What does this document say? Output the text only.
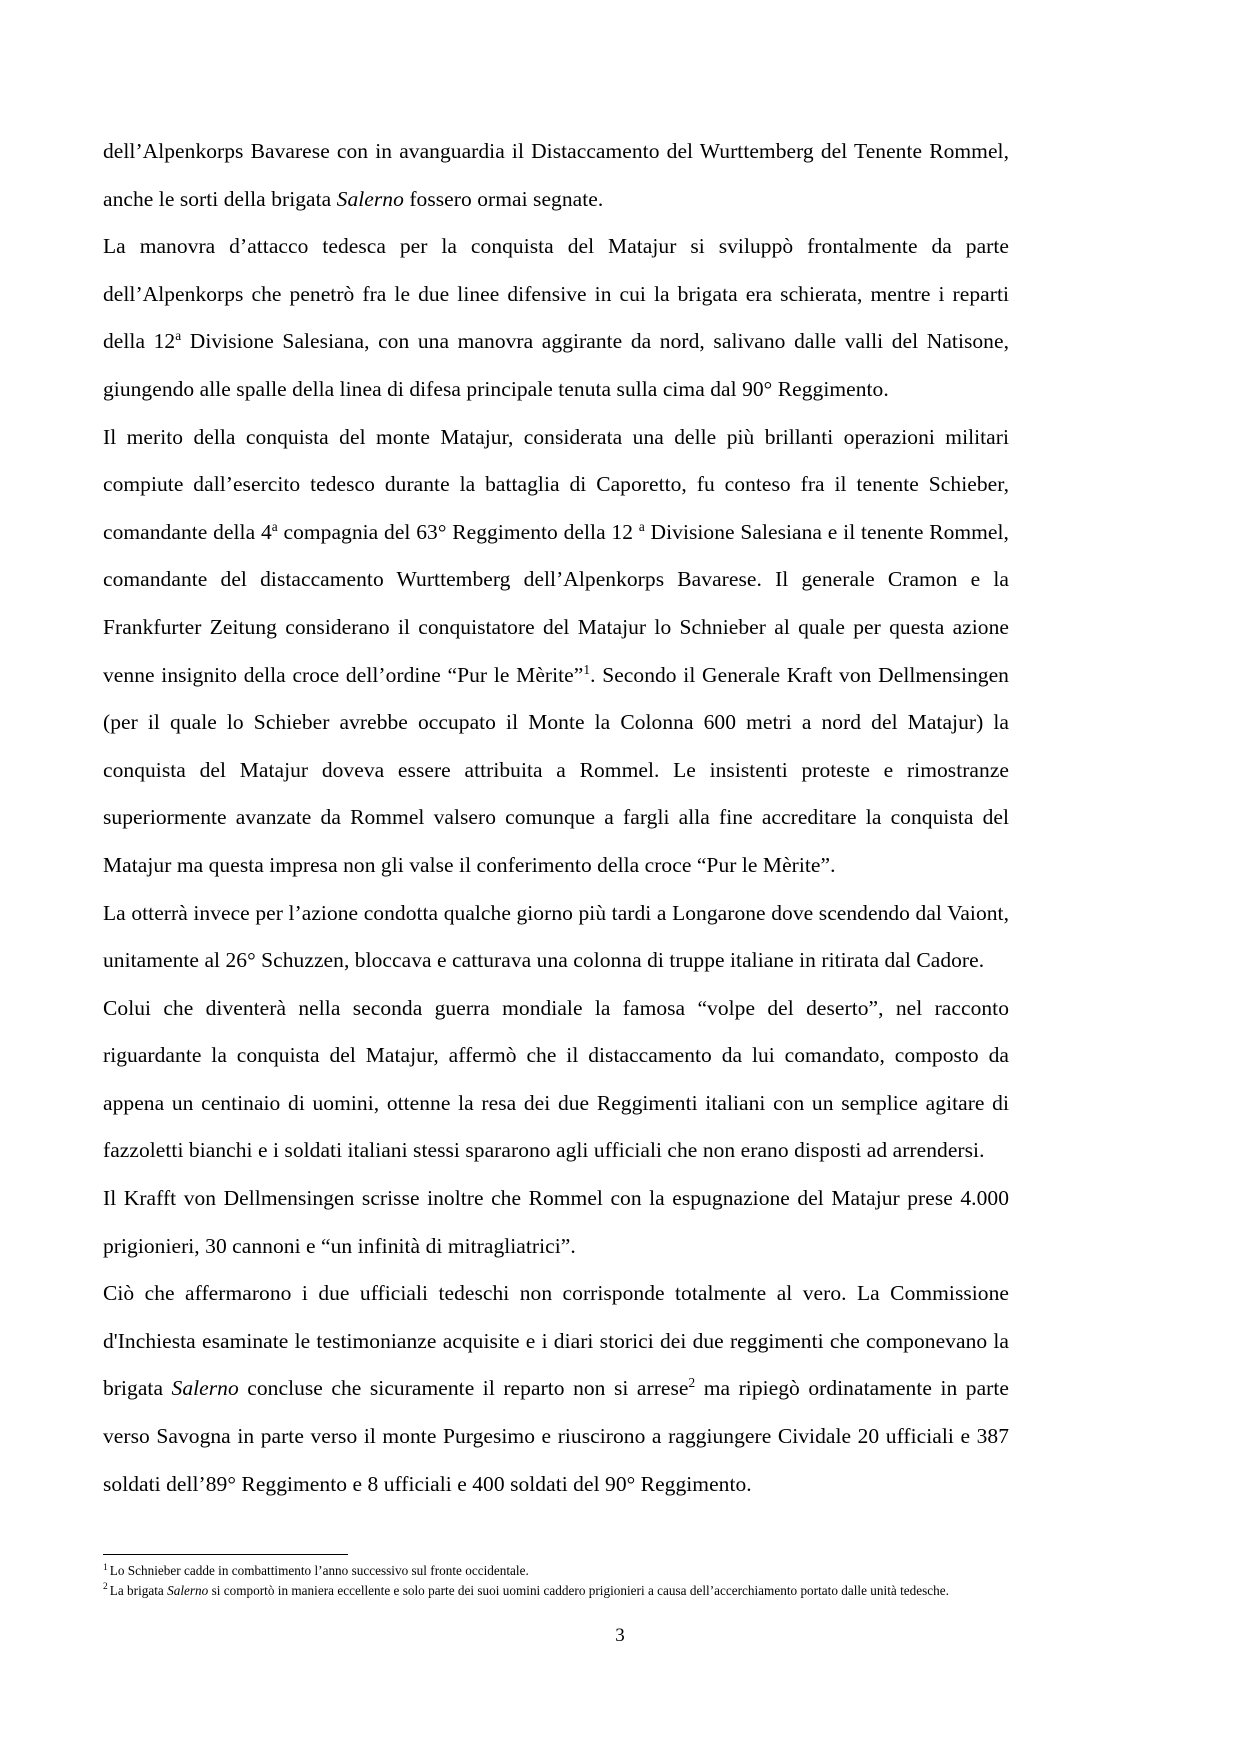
dell’Alpenkorps Bavarese con in avanguardia il Distaccamento del Wurttemberg del Tenente Rommel, anche le sorti della brigata Salerno fossero ormai segnate.

La manovra d’attacco tedesca per la conquista del Matajur si sviluppò frontalmente da parte dell’Alpenkorps che penetrò fra le due linee difensive in cui la brigata era schierata, mentre i reparti della 12$^a$ Divisione Salesiana, con una manovra aggirante da nord, salivano dalle valli del Natisone, giungendo alle spalle della linea di difesa principale tenuta sulla cima dal 90° Reggimento.

Il merito della conquista del monte Matajur, considerata una delle più brillanti operazioni militari compiute dall’esercito tedesco durante la battaglia di Caporetto, fu conteso fra il tenente Schieber, comandante della 4$^a$ compagnia del 63° Reggimento della 12 $^a$ Divisione Salesiana e il tenente Rommel, comandante del distaccamento Wurttemberg dell’Alpenkorps Bavarese. Il generale Cramon e la Frankfurter Zeitung considerano il conquistatore del Matajur lo Schnieber al quale per questa azione venne insignito della croce dell’ordine “Pur le Mèrite”$^1$. Secondo il Generale Kraft von Dellmensingen (per il quale lo Schieber avrebbe occupato il Monte la Colonna 600 metri a nord del Matajur) la conquista del Matajur doveva essere attribuita a Rommel. Le insistenti proteste e rimostranze superiormente avanzate da Rommel valsero comunque a fargli alla fine accreditare la conquista del Matajur ma questa impresa non gli valse il conferimento della croce “Pur le Mèrite”.

La otterrà invece per l’azione condotta qualche giorno più tardi a Longarone dove scendendo dal Vaiont, unitamente al 26° Schuzzen, bloccava e catturava una colonna di truppe italiane in ritirata dal Cadore.

Colui che diventerà nella seconda guerra mondiale la famosa “volpe del deserto”, nel racconto riguardante la conquista del Matajur, affermò che il distaccamento da lui comandato, composto da appena un centinaio di uomini, ottenne la resa dei due Reggimenti italiani con un semplice agitare di fazzoletti bianchi e i soldati italiani stessi spararono agli ufficiali che non erano disposti ad arrendersi.

Il Krafft von Dellmensingen scrisse inoltre che Rommel con la espugnazione del Matajur prese 4.000 prigionieri, 30 cannoni e “un infinità di mitragliatrici”.

Ciò che affermarono i due ufficiali tedeschi non corrisponde totalmente al vero. La Commissione d'Inchiesta esaminate le testimonianze acquisite e i diari storici dei due reggimenti che componevano la brigata Salerno concluse che sicuramente il reparto non si arrese$^2$ ma ripiegò ordinatamente in parte verso Savogna in parte verso il monte Purgesimo e riuscirono a raggiungere Cividale 20 ufficiali e 387 soldati dell’89° Reggimento e 8 ufficiali e 400 soldati del 90° Reggimento.

$^1$ Lo Schnieber cadde in combattimento l’anno successivo sul fronte occidentale.

$^2$ La brigata Salerno si comportò in maniera eccellente e solo parte dei suoi uomini caddero prigionieri a causa dell’accerchiamento portato dalle unità tedesche.

3
